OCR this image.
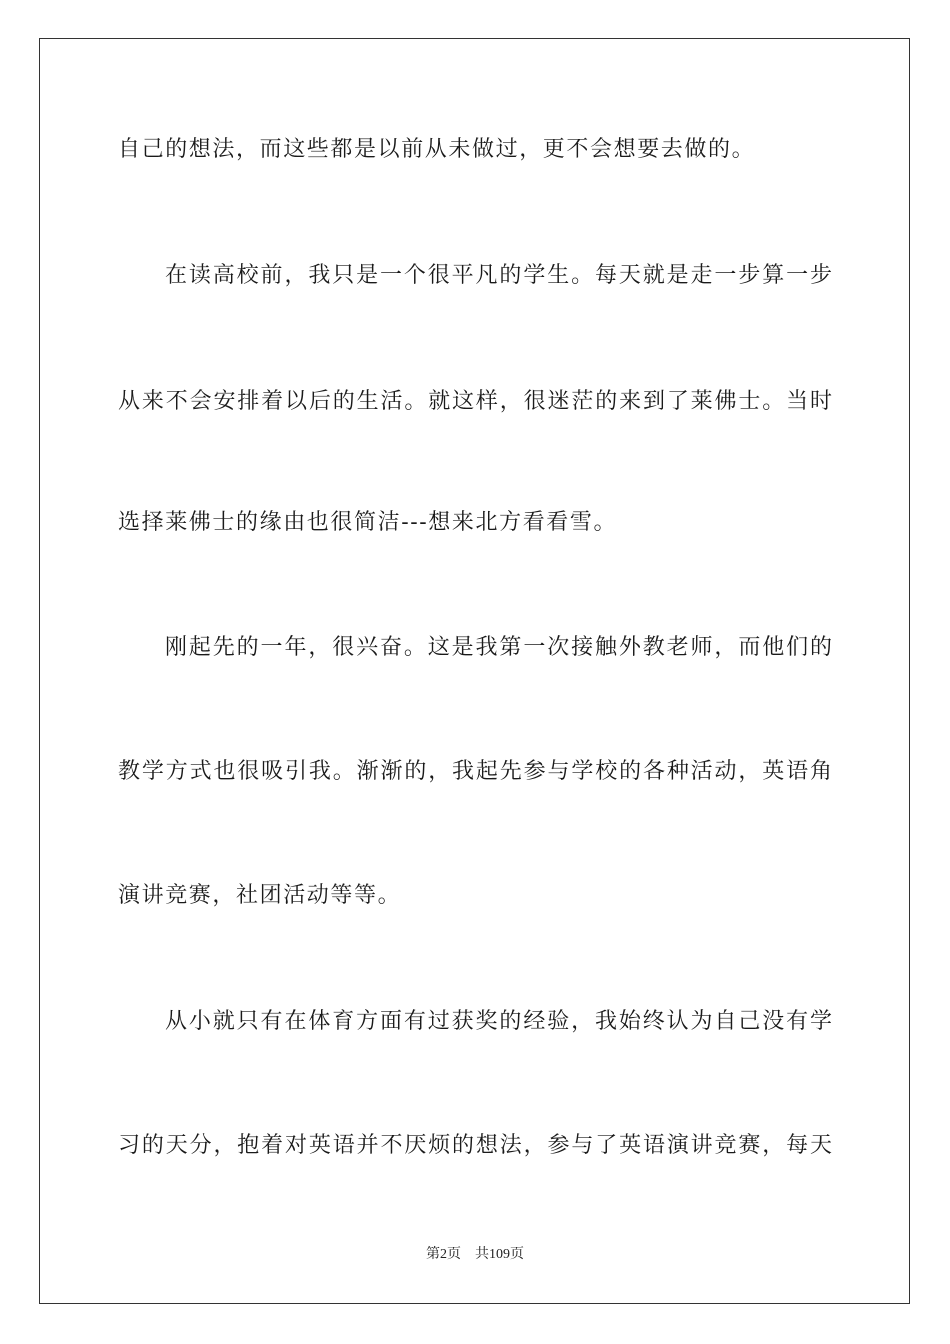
自己的想法，而这些都是以前从未做过，更不会想要去做的。
在读高校前，我只是一个很平凡的学生。每天就是走一步算一步
从来不会安排着以后的生活。就这样，很迷茫的来到了莱佛士。当时
选择莱佛士的缘由也很简洁---想来北方看看雪。
刚起先的一年，很兴奋。这是我第一次接触外教老师，而他们的
教学方式也很吸引我。渐渐的，我起先参与学校的各种活动，英语角
演讲竞赛，社团活动等等。
从小就只有在体育方面有过获奖的经验，我始终认为自己没有学
习的天分，抱着对英语并不厌烦的想法，参与了英语演讲竞赛，每天
第2页 共109页
